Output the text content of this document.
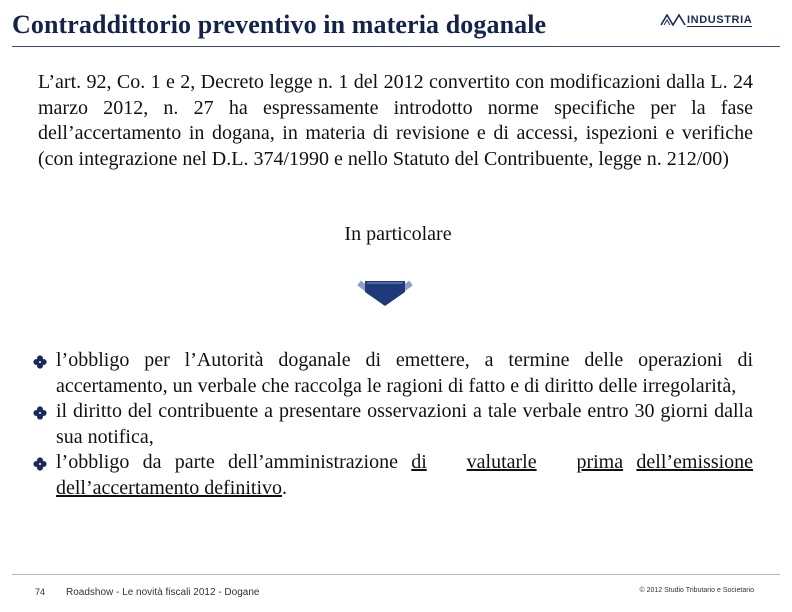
Contraddittorio preventivo in materia doganale	INDUSTRIA

L’art. 92, Co. 1 e 2, Decreto legge n. 1 del 2012 convertito con modificazioni dalla L. 24 marzo 2012, n. 27 ha espressamente introdotto norme specifiche per la fase dell’accertamento in dogana, in materia di revisione e di accessi, ispezioni e verifiche (con integrazione nel D.L. 374/1990 e nello Statuto del Contribuente, legge n. 212/00)

In particolare
l’obbligo per l’Autorità doganale di emettere, a termine delle operazioni di accertamento, un verbale che raccolga le ragioni di fatto e di diritto delle irregolarità,
il diritto del contribuente a presentare osservazioni a tale verbale entro 30 giorni dalla sua notifica,
l’obbligo da parte dell’amministrazione di valutarle prima dell’emissione dell’accertamento definitivo.
74 Roadshow - Le novità fiscali 2012 - Dogane	© 2012 Studio Tributario e Societario
